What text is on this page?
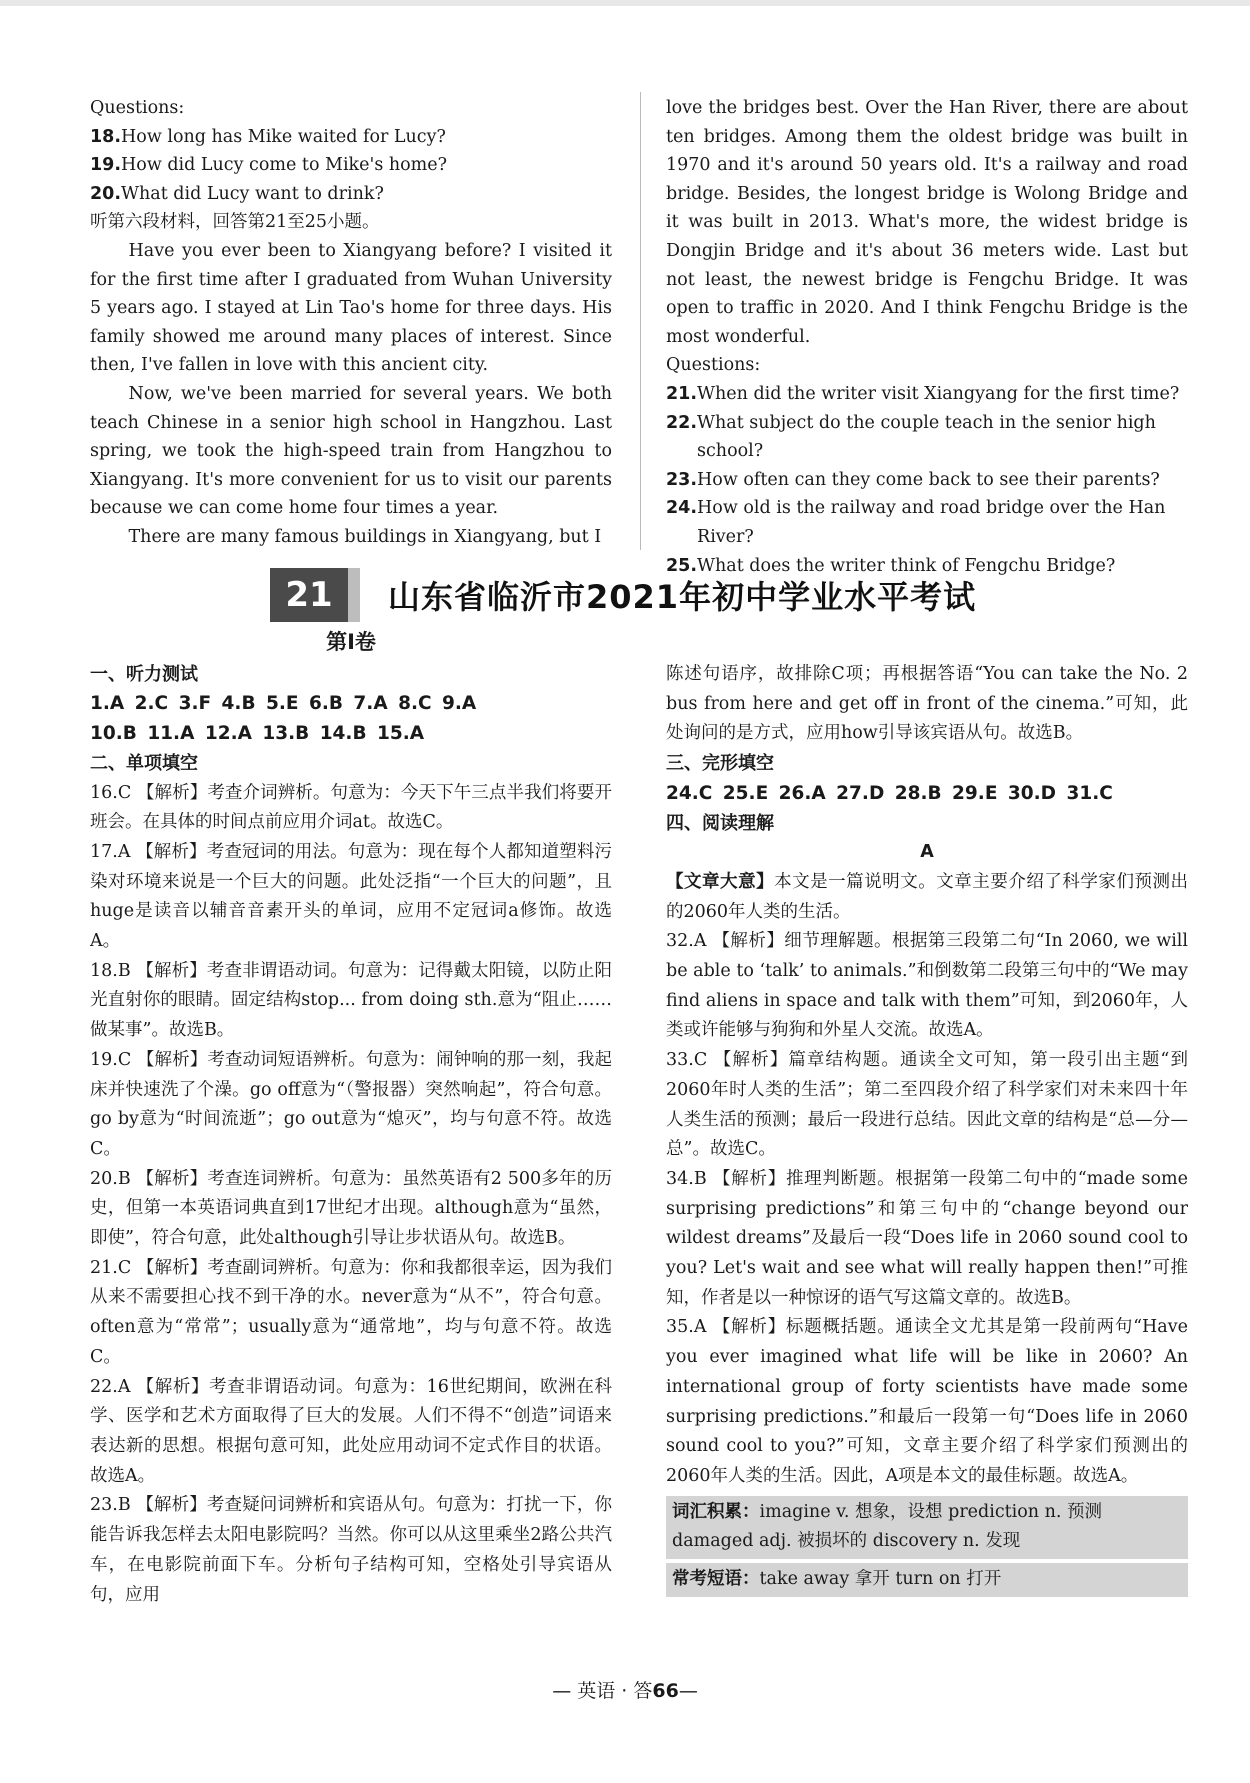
Questions:

18. How long has Mike waited for Lucy?
19. How did Lucy come to Mike's home?
20. What did Lucy want to drink?

听第六段材料，回答第21至25小题。

Have you ever been to Xiangyang before? I visited it for the first time after I graduated from Wuhan University 5 years ago. I stayed at Lin Tao's home for three days. His family showed me around many places of interest. Since then, I've fallen in love with this ancient city.

Now, we've been married for several years. We both teach Chinese in a senior high school in Hangzhou. Last spring, we took the high-speed train from Hangzhou to Xiangyang. It's more convenient for us to visit our parents because we can come home four times a year.

There are many famous buildings in Xiangyang, but I

love the bridges best. Over the Han River, there are about ten bridges. Among them the oldest bridge was built in 1970 and it's around 50 years old. It's a railway and road bridge. Besides, the longest bridge is Wolong Bridge and it was built in 2013. What's more, the widest bridge is Dongjin Bridge and it's about 36 meters wide. Last but not least, the newest bridge is Fengchu Bridge. It was open to traffic in 2020. And I think Fengchu Bridge is the most wonderful.

Questions:

21. When did the writer visit Xiangyang for the first time?
22. What subject do the couple teach in the senior high school?
23. How often can they come back to see their parents?
24. How old is the railway and road bridge over the Han River?
25. What does the writer think of Fengchu Bridge?
21	山东省临沂市2021年初中学业水平考试
第Ⅰ卷
一、听力测试
1.A 2.C 3.F 4.B 5.E 6.B 7.A 8.C 9.A
10.B 11.A 12.A 13.B 14.B 15.A
二、单项填空

16.C 【解析】考查介词辨析。句意为：今天下午三点半我们将要开班会。在具体的时间点前应用介词at。故选C。

17.A 【解析】考查冠词的用法。句意为：现在每个人都知道塑料污染对环境来说是一个巨大的问题。此处泛指“一个巨大的问题”，且huge是读音以辅音音素开头的单词，应用不定冠词a修饰。故选A。

18.B 【解析】考查非谓语动词。句意为：记得戴太阳镜，以防止阳光直射你的眼睛。固定结构stop... from doing sth.意为“阻止……做某事”。故选B。

19.C 【解析】考查动词短语辨析。句意为：闹钟响的那一刻，我起床并快速洗了个澡。go off意为“（警报器）突然响起”，符合句意。go by意为“时间流逝”；go out意为“熄灭”，均与句意不符。故选C。

20.B 【解析】考查连词辨析。句意为：虽然英语有2 500多年的历史，但第一本英语词典直到17世纪才出现。although意为“虽然，即使”，符合句意，此处although引导让步状语从句。故选B。

21.C 【解析】考查副词辨析。句意为：你和我都很幸运，因为我们从来不需要担心找不到干净的水。never意为“从不”，符合句意。often意为“常常”；usually意为“通常地”，均与句意不符。故选C。

22.A 【解析】考查非谓语动词。句意为：16世纪期间，欧洲在科学、医学和艺术方面取得了巨大的发展。人们不得不“创造”词语来表达新的思想。根据句意可知，此处应用动词不定式作目的状语。故选A。

23.B 【解析】考查疑问词辨析和宾语从句。句意为：打扰一下，你能告诉我怎样去太阳电影院吗？当然。你可以从这里乘坐2路公共汽车，在电影院前面下车。分析句子结构可知，空格处引导宾语从句，应用

陈述句语序，故排除C项；再根据答语“You can take the No. 2 bus from here and get off in front of the cinema.”可知，此处询问的是方式，应用how引导该宾语从句。故选B。

三、完形填空
24.C 25.E 26.A 27.D 28.B 29.E 30.D 31.C
四、阅读理解
A

【文章大意】本文是一篇说明文。文章主要介绍了科学家们预测出的2060年人类的生活。

32.A 【解析】细节理解题。根据第三段第二句“In 2060, we will be able to ‘talk’ to animals.”和倒数第二段第三句中的“We may find aliens in space and talk with them”可知，到2060年，人类或许能够与狗狗和外星人交流。故选A。

33.C 【解析】篇章结构题。通读全文可知，第一段引出主题“到2060年时人类的生活”；第二至四段介绍了科学家们对未来四十年人类生活的预测；最后一段进行总结。因此文章的结构是“总—分—总”。故选C。

34.B 【解析】推理判断题。根据第一段第二句中的“made some surprising predictions”和第三句中的“change beyond our wildest dreams”及最后一段“Does life in 2060 sound cool to you? Let's wait and see what will really happen then!”可推知，作者是以一种惊讶的语气写这篇文章的。故选B。

35.A 【解析】标题概括题。通读全文尤其是第一段前两句“Have you ever imagined what life will be like in 2060? An international group of forty scientists have made some surprising predictions.”和最后一段第一句“Does life in 2060 sound cool to you?”可知，文章主要介绍了科学家们预测出的2060年人类的生活。因此，A项是本文的最佳标题。故选A。

词汇积累：imagine v. 想象，设想 prediction n. 预测 damaged adj. 被损坏的 discovery n. 发现
常考短语：take away 拿开 turn on 打开
— 英语 · 答66—
